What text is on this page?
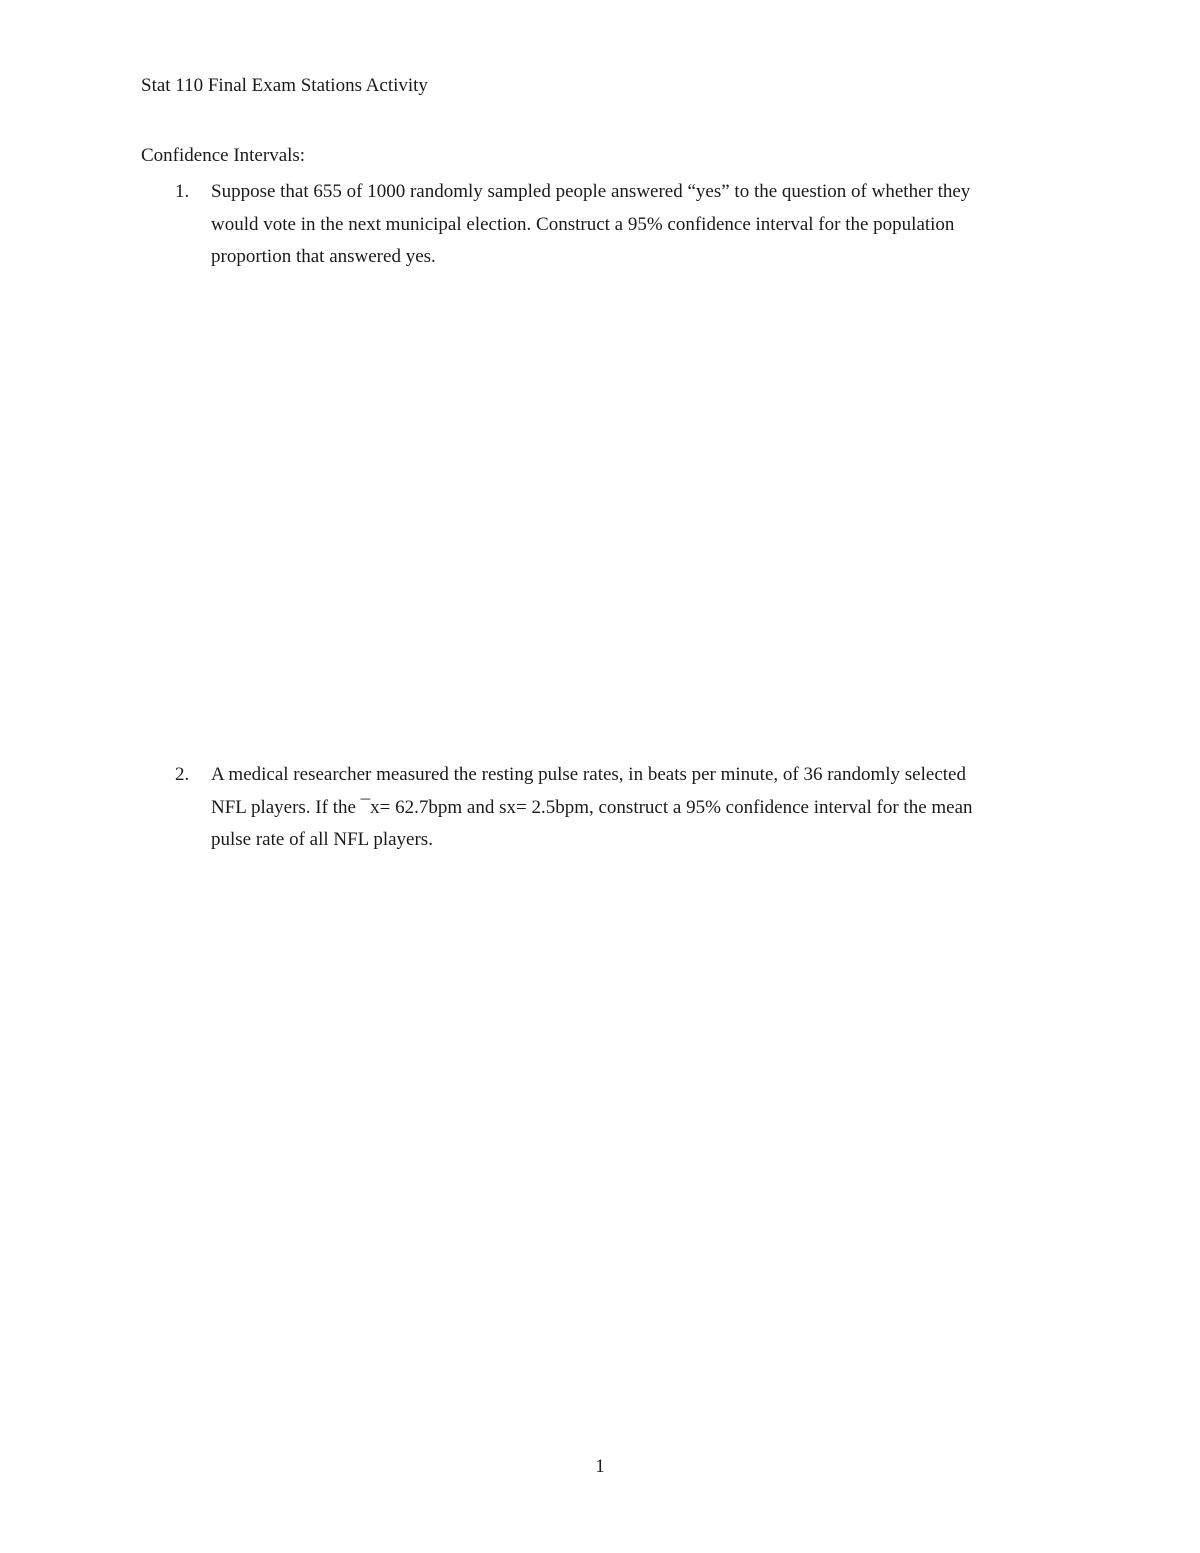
Stat 110 Final Exam Stations Activity
Confidence Intervals:
1. Suppose that 655 of 1000 randomly sampled people answered “yes” to the question of whether they
would vote in the next municipal election. Construct a 95% confidence interval for the population
proportion that answered yes.
2. A medical researcher measured the resting pulse rates, in beats per minute, of 36 randomly selected
NFL players. If the ¯x= 62.7bpm and sx= 2.5bpm, construct a 95% confidence interval for the mean
pulse rate of all NFL players.
1
